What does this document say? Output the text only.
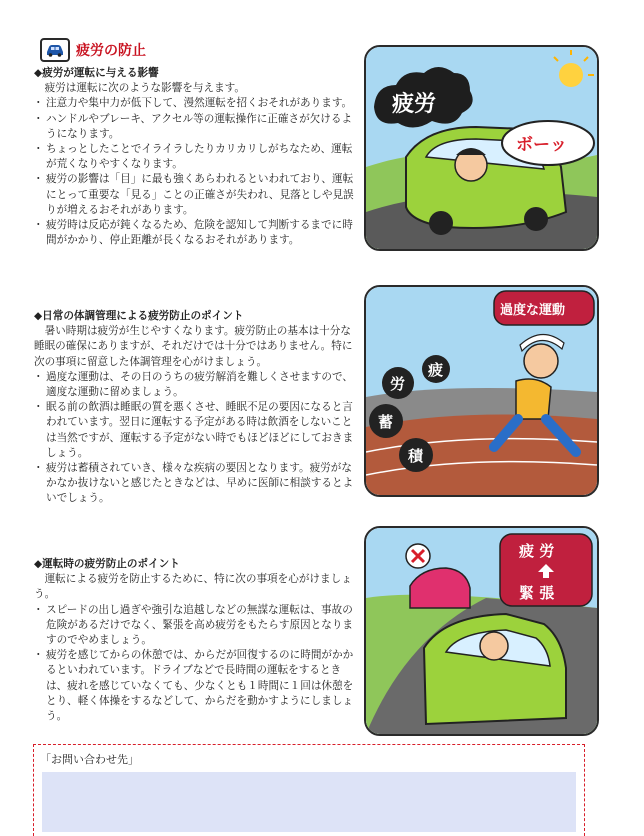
疲労の防止
◆疲労が運転に与える影響
疲労は運転に次のような影響を与えます。
・ 注意力や集中力が低下して、漫然運転を招くおそれがあります。
・ ハンドルやブレーキ、アクセル等の運転操作に正確さが欠けるようになります。
・ ちょっとしたことでイライラしたりカリカリしがちなため、運転が荒くなりやすくなります。
・ 疲労の影響は「目」に最も強くあらわれるといわれており、運転にとって重要な「見る」ことの正確さが失われ、見落としや見誤りが増えるおそれがあります。
・ 疲労時は反応が鈍くなるため、危険を認知して判断するまでに時間がかかり、停止距離が長くなるおそれがあります。
◆日常の体調管理による疲労防止のポイント
暑い時期は疲労が生じやすくなります。疲労防止の基本は十分な睡眠の確保にありますが、それだけでは十分ではありません。特に次の事項に留意した体調管理を心がけましょう。
・ 過度な運動は、その日のうちの疲労解消を難しくさせますので、適度な運動に留めましょう。
・ 眠る前の飲酒は睡眠の質を悪くさせ、睡眠不足の要因になると言われています。翌日に運転する予定がある時は飲酒をしないことは当然ですが、運転する予定がない時でもほどほどにしておきましょう。
・ 疲労は蓄積されていき、様々な疾病の要因となります。疲労がなかなか抜けないと感じたときなどは、早めに医師に相談するとよいでしょう。
◆運転時の疲労防止のポイント
運転による疲労を防止するために、特に次の事項を心がけましょう。
・ スピードの出し過ぎや強引な追越しなどの無謀な運転は、事故の危険があるだけでなく、緊張を高め疲労をもたらす原因となりますのでやめましょう。
・ 疲労を感じてからの休憩では、からだが回復するのに時間がかかるといわれています。ドライブなどで長時間の運転をするときは、疲れを感じていなくても、少なくとも１時間に１回は休憩をとり、軽く体操をするなどして、からだを動かすようにしましょう。
疲労
ボーッ
過度な運動
労
疲
蓄
積
疲 労
緊 張
「お問い合わせ先」
